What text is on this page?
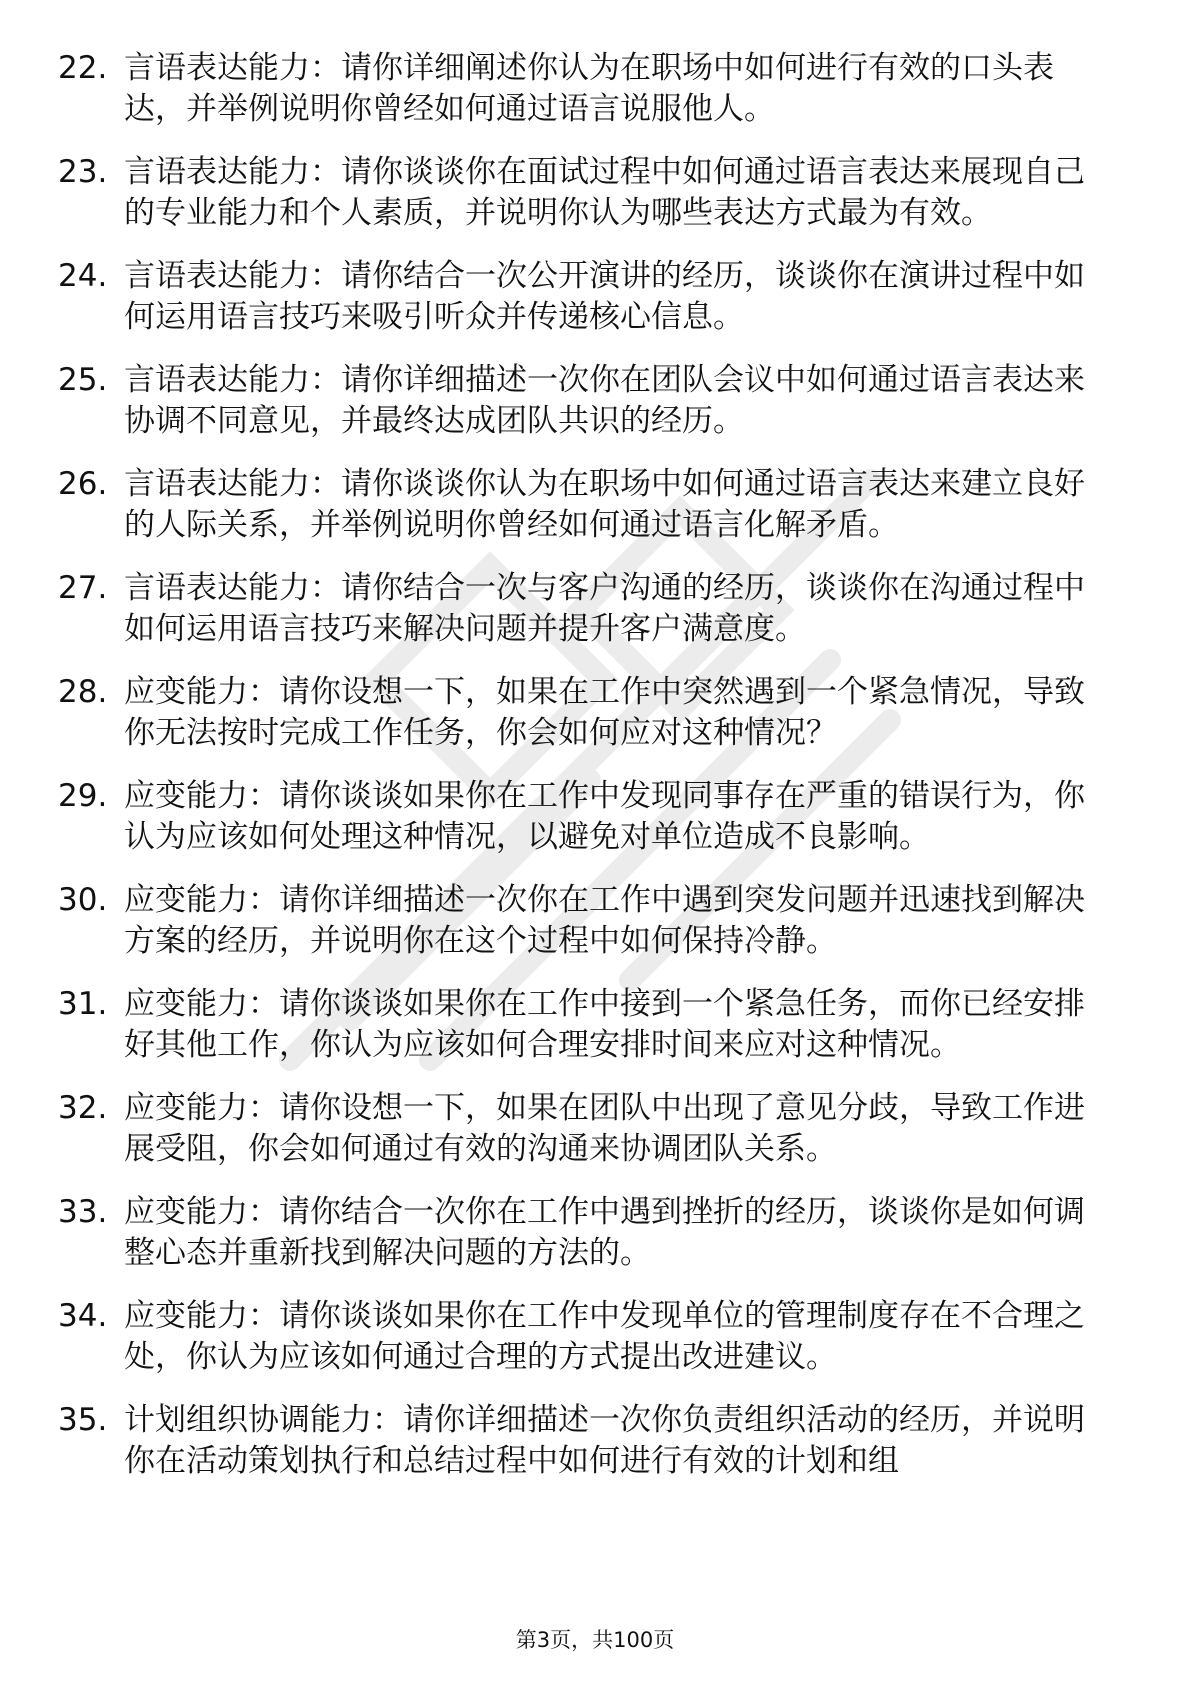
22. 言语表达能力：请你详细阐述你认为在职场中如何进行有效的口头表达，并举例说明你曾经如何通过语言说服他人。
23. 言语表达能力：请你谈谈你在面试过程中如何通过语言表达来展现自己的专业能力和个人素质，并说明你认为哪些表达方式最为有效。
24. 言语表达能力：请你结合一次公开演讲的经历，谈谈你在演讲过程中如何运用语言技巧来吸引听众并传递核心信息。
25. 言语表达能力：请你详细描述一次你在团队会议中如何通过语言表达来协调不同意见，并最终达成团队共识的经历。
26. 言语表达能力：请你谈谈你认为在职场中如何通过语言表达来建立良好的人际关系，并举例说明你曾经如何通过语言化解矛盾。
27. 言语表达能力：请你结合一次与客户沟通的经历，谈谈你在沟通过程中如何运用语言技巧来解决问题并提升客户满意度。
28. 应变能力：请你设想一下，如果在工作中突然遇到一个紧急情况，导致你无法按时完成工作任务，你会如何应对这种情况？
29. 应变能力：请你谈谈如果你在工作中发现同事存在严重的错误行为，你认为应该如何处理这种情况，以避免对单位造成不良影响。
30. 应变能力：请你详细描述一次你在工作中遇到突发问题并迅速找到解决方案的经历，并说明你在这个过程中如何保持冷静。
31. 应变能力：请你谈谈如果你在工作中接到一个紧急任务，而你已经安排好其他工作，你认为应该如何合理安排时间来应对这种情况。
32. 应变能力：请你设想一下，如果在团队中出现了意见分歧，导致工作进展受阻，你会如何通过有效的沟通来协调团队关系。
33. 应变能力：请你结合一次你在工作中遇到挫折的经历，谈谈你是如何调整心态并重新找到解决问题的方法的。
34. 应变能力：请你谈谈如果你在工作中发现单位的管理制度存在不合理之处，你认为应该如何通过合理的方式提出改进建议。
35. 计划组织协调能力：请你详细描述一次你负责组织活动的经历，并说明你在活动策划执行和总结过程中如何进行有效的计划和组
第3页，共100页
